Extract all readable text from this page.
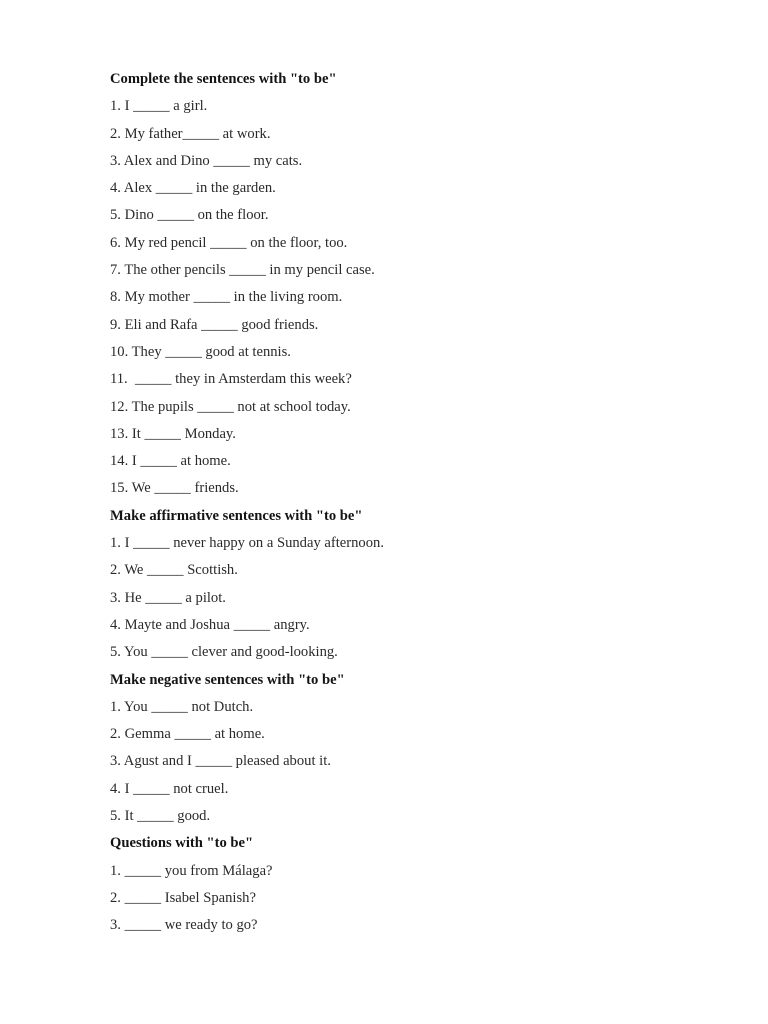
Complete the sentences with "to be"
1. I _____ a girl.
2. My father_____ at work.
3. Alex and Dino _____ my cats.
4. Alex _____ in the garden.
5. Dino _____ on the floor.
6. My red pencil _____ on the floor, too.
7. The other pencils _____ in my pencil case.
8. My mother _____ in the living room.
9. Eli and Rafa _____ good friends.
10. They _____ good at tennis.
11.  _____ they in Amsterdam this week?
12. The pupils _____ not at school today.
13. It _____ Monday.
14. I _____ at home.
15. We _____ friends.
Make affirmative sentences with "to be"
1. I _____ never happy on a Sunday afternoon.
2. We _____ Scottish.
3. He _____ a pilot.
4. Mayte and Joshua _____ angry.
5. You _____ clever and good-looking.
Make negative sentences with "to be"
1. You _____ not Dutch.
2. Gemma _____ at home.
3. Agust and I _____ pleased about it.
4. I _____ not cruel.
5. It _____ good.
Questions with "to be"
1. _____ you from Málaga?
2. _____ Isabel Spanish?
3. _____ we ready to go?
